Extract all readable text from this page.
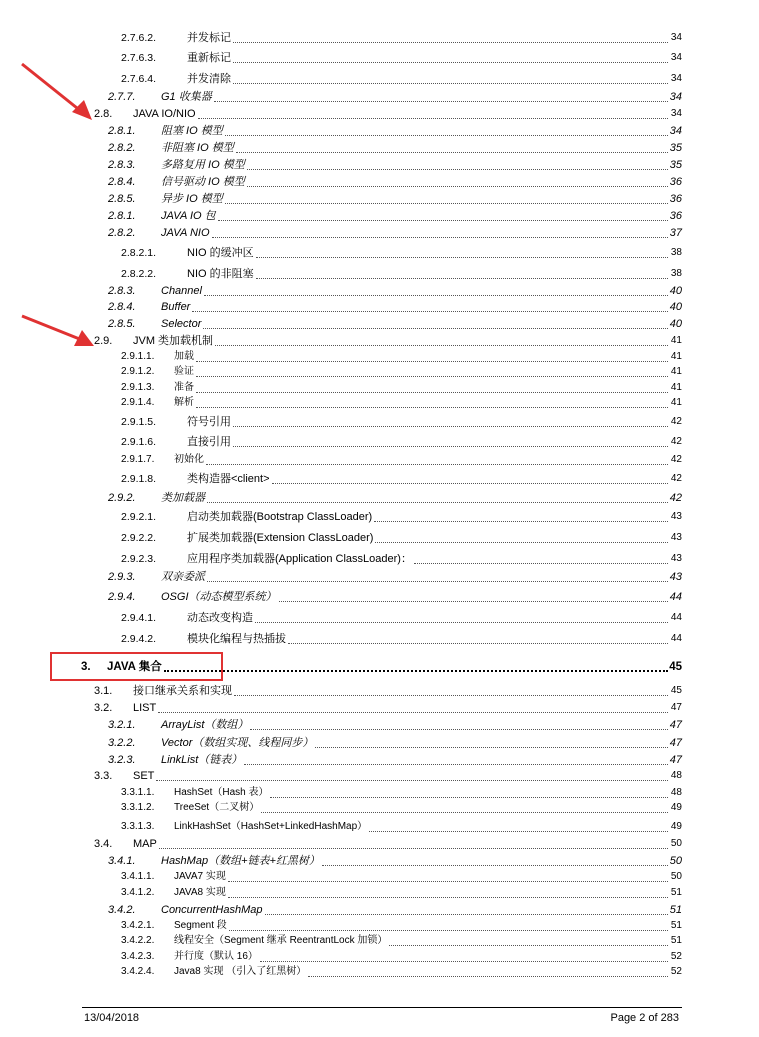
2.7.6.2.	并发标记	34
2.7.6.3.	重新标记	34
2.7.6.4.	并发清除	34
2.7.7. G1 收集器	34
2.8. JAVA IO/NIO	34
2.8.1. 阻塞 IO 模型	34
2.8.2. 非阻塞 IO 模型	35
2.8.3. 多路复用 IO 模型	35
2.8.4. 信号驱动 IO 模型	36
2.8.5. 异步 IO 模型	36
2.8.1. JAVA IO 包	36
2.8.2. JAVA NIO	37
2.8.2.1.	NIO 的缓冲区	38
2.8.2.2.	NIO 的非阻塞	38
2.8.3. Channel	40
2.8.4. Buffer	40
2.8.5. Selector	40
2.9. JVM 类加载机制	41
2.9.1.1. 加载	41
2.9.1.2. 验证	41
2.9.1.3. 准备	41
2.9.1.4. 解析	41
2.9.1.5.	符号引用	42
2.9.1.6.	直接引用	42
2.9.1.7. 初始化	42
2.9.1.8.	类构造器<client>	42
2.9.2. 类加载器	42
2.9.2.1.	启动类加载器(Bootstrap ClassLoader)	43
2.9.2.2.	扩展类加载器(Extension ClassLoader)	43
2.9.2.3.	应用程序类加载器(Application ClassLoader)：	43
2.9.3. 双亲委派	43
2.9.4. OSGI（动态模型系统）	44
2.9.4.1.	动态改变构造	44
2.9.4.2.	模块化编程与热插拔	44
3. JAVA 集合	45
3.1. 接口继承关系和实现	45
3.2. LIST	47
3.2.1. ArrayList（数组）	47
3.2.2. Vector（数组实现、线程同步）	47
3.2.3. LinkList（链表）	47
3.3. SET	48
3.3.1.1. HashSet（Hash 表）	48
3.3.1.2. TreeSet（二叉树）	49
3.3.1.3. LinkHashSet（HashSet+LinkedHashMap）	49
3.4. MAP	50
3.4.1. HashMap（数组+链表+红黑树）	50
3.4.1.1. JAVA7 实现	50
3.4.1.2. JAVA8 实现	51
3.4.2. ConcurrentHashMap	51
3.4.2.1. Segment 段	51
3.4.2.2. 线程安全（Segment 继承 ReentrantLock 加锁）	51
3.4.2.3. 并行度（默认 16）	52
3.4.2.4. Java8 实现 （引入了红黑树）	52
13/04/2018	Page 2 of 283
